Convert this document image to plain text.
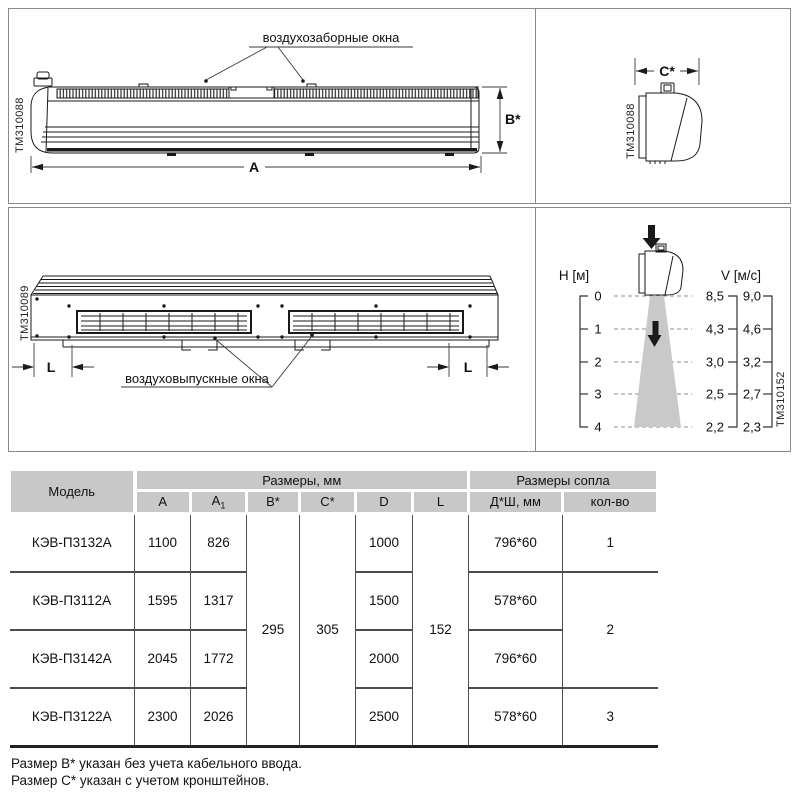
воздухозаборные окна
A
B*
TM310088
C*
TM310088
L	L
воздуховыпускные окна
TM310089
H [м]
0
1
2
3
4
V [м/с]
8,5
4,3
3,0
2,5
2,2
9,0
4,6
3,2
2,7
2,3 TM310152
Модель	Размеры, мм						Размеры сопла	
	A	$A_1$	B*	C*	D	L	Д*Ш, мм	кол-во
КЭВ-П3132А	1100	826	295	305	1000	152	796*60	1
КЭВ-П3112А	1595	1317			1500		578*60	2
КЭВ-П3142А	2045	1772			2000		796*60	
КЭВ-П3122А	2300	2026			2500		578*60	3
Размер B* указан без учета кабельного ввода.
Размер C* указан с учетом кронштейнов.
